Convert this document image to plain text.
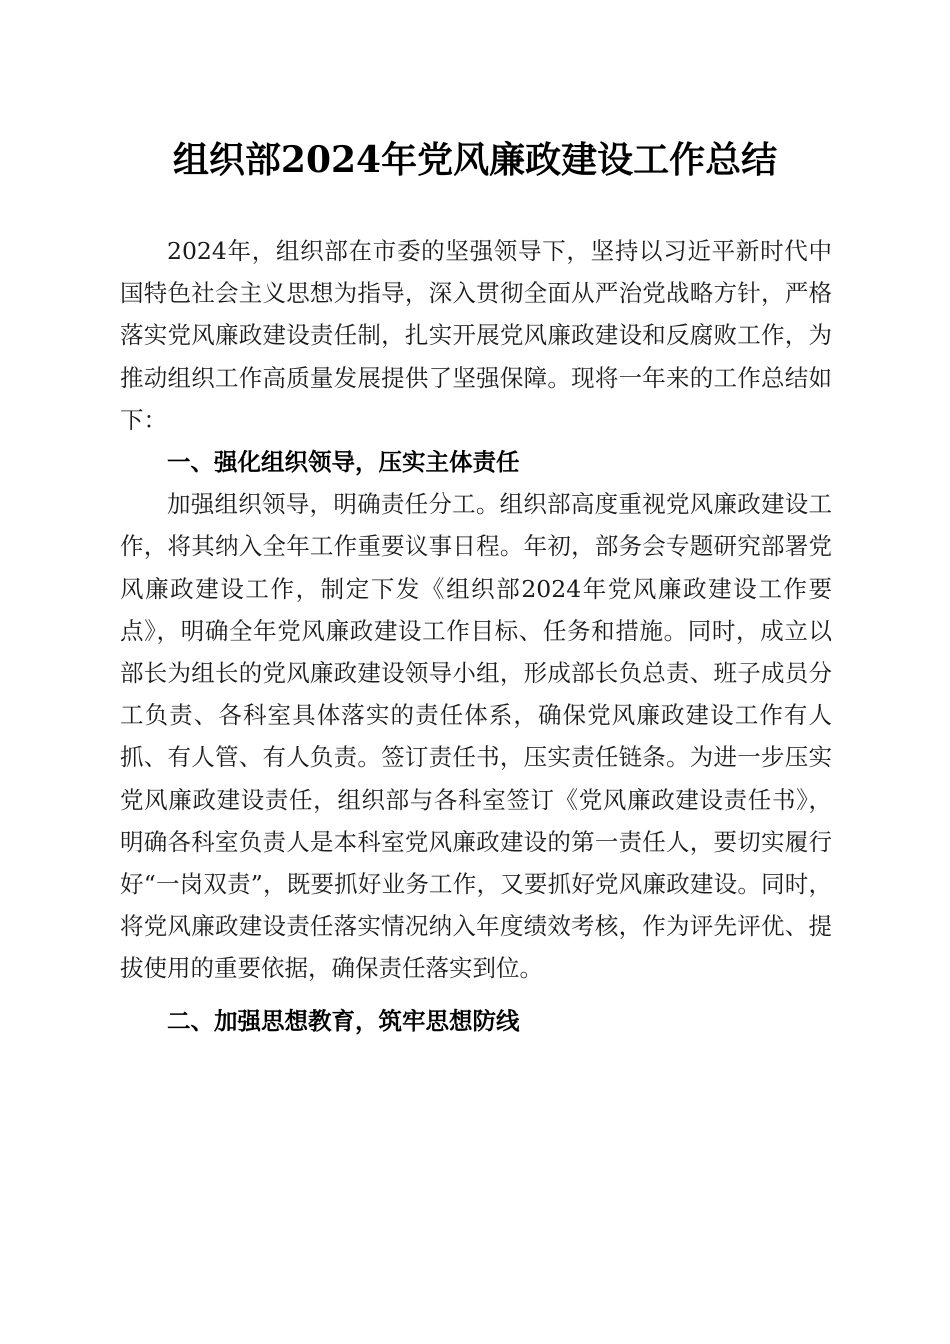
组织部2024年党风廉政建设工作总结

2024年，组织部在市委的坚强领导下，坚持以习近平新时代中国特色社会主义思想为指导，深入贯彻全面从严治党战略方针，严格落实党风廉政建设责任制，扎实开展党风廉政建设和反腐败工作，为推动组织工作高质量发展提供了坚强保障。现将一年来的工作总结如下：

一、强化组织领导，压实主体责任

加强组织领导，明确责任分工。组织部高度重视党风廉政建设工作，将其纳入全年工作重要议事日程。年初，部务会专题研究部署党风廉政建设工作，制定下发《组织部2024年党风廉政建设工作要点》，明确全年党风廉政建设工作目标、任务和措施。同时，成立以部长为组长的党风廉政建设领导小组，形成部长负总责、班子成员分工负责、各科室具体落实的责任体系，确保党风廉政建设工作有人抓、有人管、有人负责。签订责任书，压实责任链条。为进一步压实党风廉政建设责任，组织部与各科室签订《党风廉政建设责任书》，明确各科室负责人是本科室党风廉政建设的第一责任人，要切实履行好“一岗双责”，既要抓好业务工作，又要抓好党风廉政建设。同时，将党风廉政建设责任落实情况纳入年度绩效考核，作为评先评优、提拔使用的重要依据，确保责任落实到位。

二、加强思想教育，筑牢思想防线
